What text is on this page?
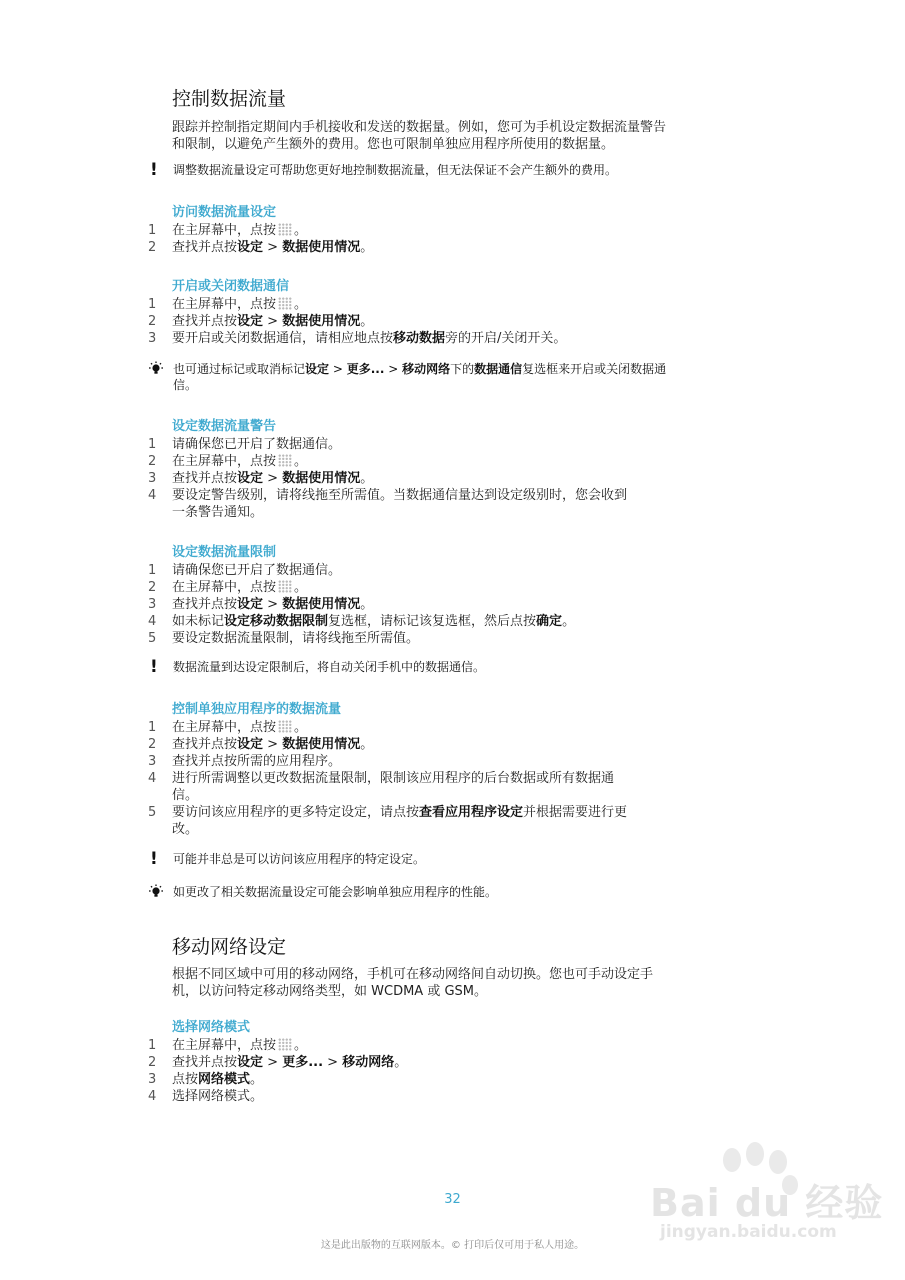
控制数据流量

跟踪并控制指定期间内手机接收和发送的数据量。例如，您可为手机设定数据流量警告
和限制，以避免产生额外的费用。您也可限制单独应用程序所使用的数据量。

!	调整数据流量设定可帮助您更好地控制数据流量，但无法保证不会产生额外的费用。
访问数据流量设定
1	在主屏幕中，点按 。
2	查找并点按设定 > 数据使用情况。
开启或关闭数据通信
1	在主屏幕中，点按 。
2	查找并点按设定 > 数据使用情况。
3	要开启或关闭数据通信，请相应地点按移动数据旁的开启/关闭开关。
也可通过标记或取消标记设定 > 更多... > 移动网络下的数据通信复选框来开启或关闭数据通
信。
设定数据流量警告
1	请确保您已开启了数据通信。
2	在主屏幕中，点按 。
3	查找并点按设定 > 数据使用情况。
4	要设定警告级别，请将线拖至所需值。当数据通信量达到设定级别时，您会收到
一条警告通知。
设定数据流量限制
1	请确保您已开启了数据通信。
2	在主屏幕中，点按 。
3	查找并点按设定 > 数据使用情况。
4	如未标记设定移动数据限制复选框，请标记该复选框，然后点按确定。
5	要设定数据流量限制，请将线拖至所需值。
!	数据流量到达设定限制后，将自动关闭手机中的数据通信。
控制单独应用程序的数据流量
1	在主屏幕中，点按 。
2	查找并点按设定 > 数据使用情况。
3	查找并点按所需的应用程序。
4	进行所需调整以更改数据流量限制，限制该应用程序的后台数据或所有数据通
信。
5	要访问该应用程序的更多特定设定，请点按查看应用程序设定并根据需要进行更
改。
!	可能并非总是可以访问该应用程序的特定设定。
如更改了相关数据流量设定可能会影响单独应用程序的性能。
移动网络设定

根据不同区域中可用的移动网络，手机可在移动网络间自动切换。您也可手动设定手
机，以访问特定移动网络类型，如 WCDMA 或 GSM。

选择网络模式
1	在主屏幕中，点按 。
2	查找并点按设定 > 更多... > 移动网络。
3	点按网络模式。
4	选择网络模式。
Bai du 经验
jingyan.baidu.com
32
这是此出版物的互联网版本。© 打印后仅可用于私人用途。
